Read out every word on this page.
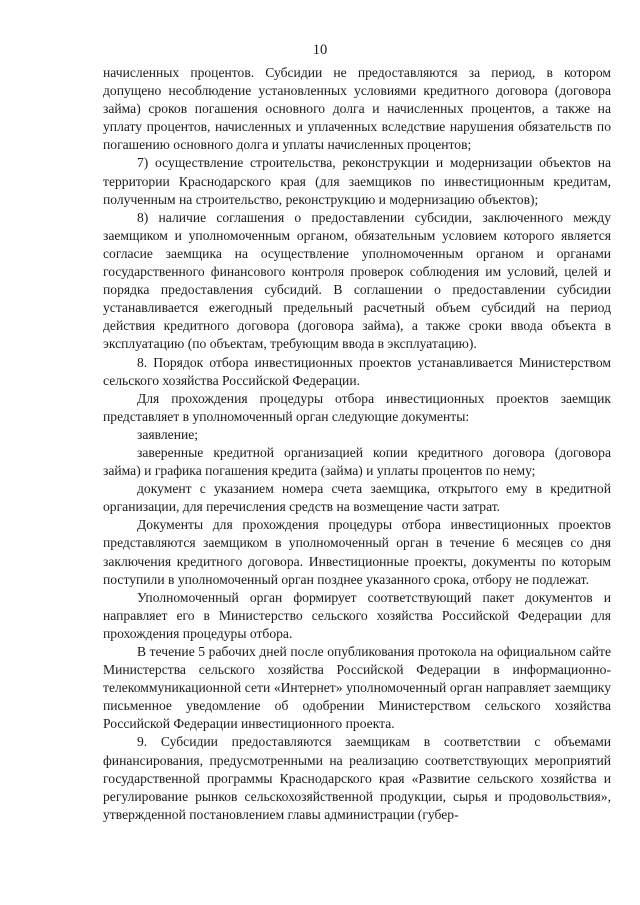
10

начисленных процентов. Субсидии не предоставляются за период, в котором допущено несоблюдение установленных условиями кредитного договора (договора займа) сроков погашения основного долга и начисленных процентов, а также на уплату процентов, начисленных и уплаченных вследствие нарушения обязательств по погашению основного долга и уплаты начисленных процентов;

7) осуществление строительства, реконструкции и модернизации объектов на территории Краснодарского края (для заемщиков по инвестиционным кредитам, полученным на строительство, реконструкцию и модернизацию объектов);

8) наличие соглашения о предоставлении субсидии, заключенного между заемщиком и уполномоченным органом, обязательным условием которого является согласие заемщика на осуществление уполномоченным органом и органами государственного финансового контроля проверок соблюдения им условий, целей и порядка предоставления субсидий. В соглашении о предоставлении субсидии устанавливается ежегодный предельный расчетный объем субсидий на период действия кредитного договора (договора займа), а также сроки ввода объекта в эксплуатацию (по объектам, требующим ввода в эксплуатацию).

8. Порядок отбора инвестиционных проектов устанавливается Министерством сельского хозяйства Российской Федерации.

Для прохождения процедуры отбора инвестиционных проектов заемщик представляет в уполномоченный орган следующие документы:

заявление;

заверенные кредитной организацией копии кредитного договора (договора займа) и графика погашения кредита (займа) и уплаты процентов по нему;

документ с указанием номера счета заемщика, открытого ему в кредитной организации, для перечисления средств на возмещение части затрат.

Документы для прохождения процедуры отбора инвестиционных проектов представляются заемщиком в уполномоченный орган в течение 6 месяцев со дня заключения кредитного договора. Инвестиционные проекты, документы по которым поступили в уполномоченный орган позднее указанного срока, отбору не подлежат.

Уполномоченный орган формирует соответствующий пакет документов и направляет его в Министерство сельского хозяйства Российской Федерации для прохождения процедуры отбора.

В течение 5 рабочих дней после опубликования протокола на официальном сайте Министерства сельского хозяйства Российской Федерации в информационно-телекоммуникационной сети «Интернет» уполномоченный орган направляет заемщику письменное уведомление об одобрении Министерством сельского хозяйства Российской Федерации инвестиционного проекта.

9. Субсидии предоставляются заемщикам в соответствии с объемами финансирования, предусмотренными на реализацию соответствующих мероприятий государственной программы Краснодарского края «Развитие сельского хозяйства и регулирование рынков сельскохозяйственной продукции, сырья и продовольствия», утвержденной постановлением главы администрации (губер-
